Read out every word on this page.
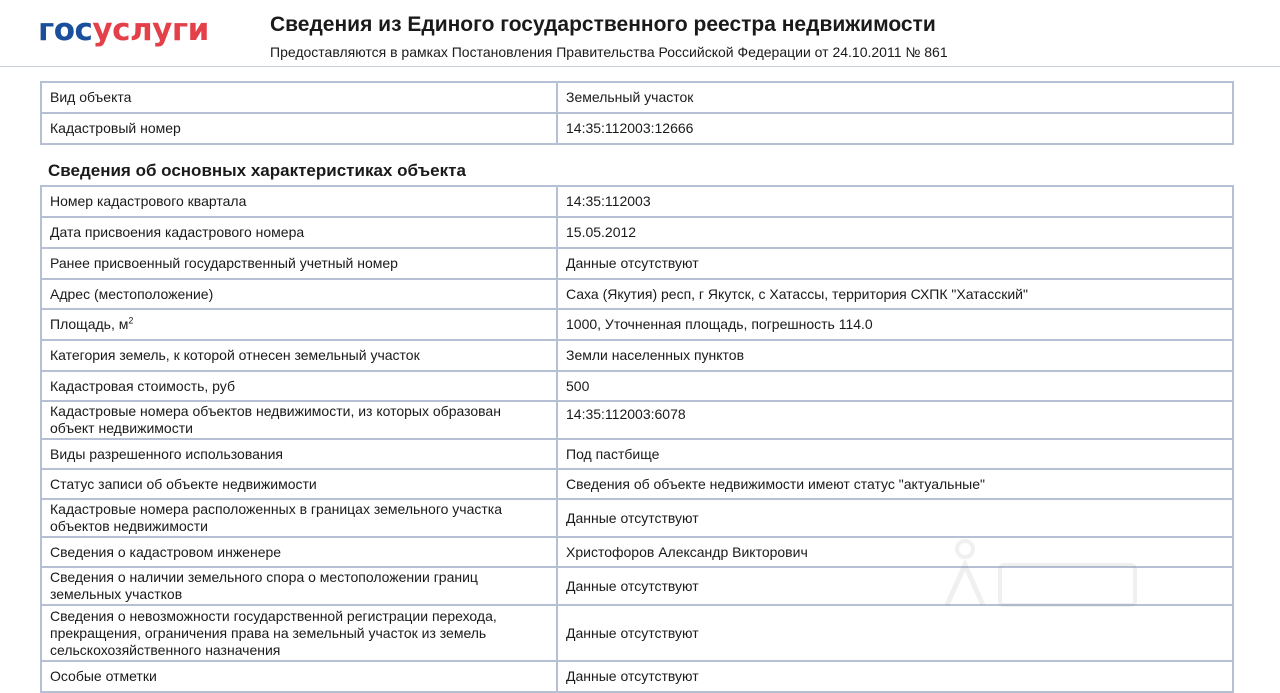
госуслуги	Сведения из Единого государственного реестра недвижимости
Предоставляются в рамках Постановления Правительства Российской Федерации от 24.10.2011 № 861
Вид объекта	Земельный участок
Кадастровый номер	14:35:112003:12666
Сведения об основных характеристиках объекта
Номер кадастрового квартала	14:35:112003
Дата присвоения кадастрового номера	15.05.2012
Ранее присвоенный государственный учетный номер	Данные отсутствуют
Адрес (местоположение)	Саха (Якутия) респ, г Якутск, с Хатассы, территория СХПК "Хатасский"
Площадь, $м^2$	1000, Уточненная площадь, погрешность 114.0
Категория земель, к которой отнесен земельный участок	Земли населенных пунктов
Кадастровая стоимость, руб	500
Кадастровые номера объектов недвижимости, из которых образован объект недвижимости	14:35:112003:6078
Виды разрешенного использования	Под пастбище
Статус записи об объекте недвижимости	Сведения об объекте недвижимости имеют статус "актуальные"
Кадастровые номера расположенных в границах земельного участка объектов недвижимости	Данные отсутствуют
Сведения о кадастровом инженере	Христофоров Александр Викторович
Сведения о наличии земельного спора о местоположении границ земельных участков	Данные отсутствуют
Сведения о невозможности государственной регистрации перехода, прекращения, ограничения права на земельный участок из земель сельскохозяйственного назначения	Данные отсутствуют
Особые отметки	Данные отсутствуют
